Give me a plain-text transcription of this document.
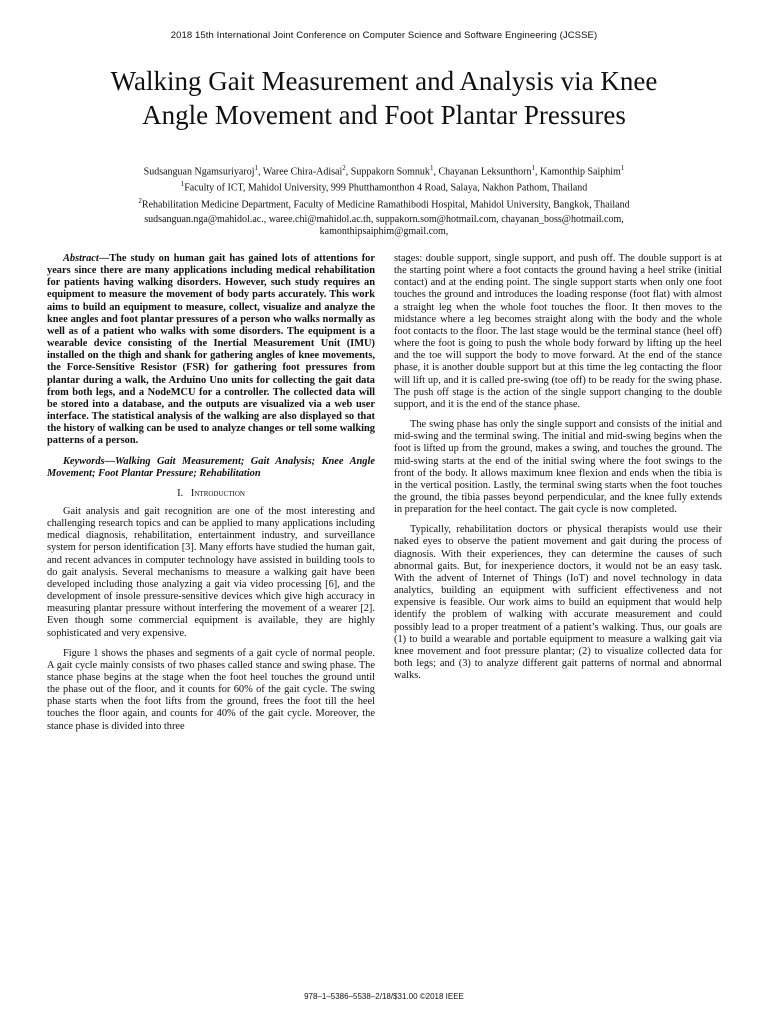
2018 15th International Joint Conference on Computer Science and Software Engineering (JCSSE)
Walking Gait Measurement and Analysis via Knee
Angle Movement and Foot Plantar Pressures
Sudsanguan Ngamsuriyaroj$^1$, Waree Chira-Adisai$^2$, Suppakorn Somnuk$^1$, Chayanan Leksunthorn$^1$, Kamonthip Saiphim$^1$
$^1$Faculty of ICT, Mahidol University, 999 Phutthamonthon 4 Road, Salaya, Nakhon Pathom, Thailand
$^2$Rehabilitation Medicine Department, Faculty of Medicine Ramathibodi Hospital, Mahidol University, Bangkok, Thailand
sudsanguan.nga@mahidol.ac., waree.chi@mahidol.ac.th, suppakorn.som@hotmail.com, chayanan_boss@hotmail.com,
kamonthipsaiphim@gmail.com,

Abstract—The study on human gait has gained lots of attentions for years since there are many applications including medical rehabilitation for patients having walking disorders. However, such study requires an equipment to measure the movement of body parts accurately. This work aims to build an equipment to measure, collect, visualize and analyze the knee angles and foot plantar pressures of a person who walks normally as well as of a patient who walks with some disorders. The equipment is a wearable device consisting of the Inertial Measurement Unit (IMU) installed on the thigh and shank for gathering angles of knee movements, the Force-Sensitive Resistor (FSR) for gathering foot pressures from plantar during a walk, the Arduino Uno units for collecting the gait data from both legs, and a NodeMCU for a controller. The collected data will be stored into a database, and the outputs are visualized via a web user interface. The statistical analysis of the walking are also displayed so that the history of walking can be used to analyze changes or tell some walking patterns of a person.

Keywords—Walking Gait Measurement; Gait Analysis; Knee Angle Movement; Foot Plantar Pressure; Rehabilitation

I. Introduction

Gait analysis and gait recognition are one of the most interesting and challenging research topics and can be applied to many applications including medical diagnosis, rehabilitation, entertainment industry, and surveillance system for person identification [3]. Many efforts have studied the human gait, and recent advances in computer technology have assisted in building tools to do gait analysis. Several mechanisms to measure a walking gait have been developed including those analyzing a gait via video processing [6], and the development of insole pressure-sensitive devices which give high accuracy in measuring plantar pressure without interfering the movement of a wearer [2]. Even though some commercial equipment is available, they are highly sophisticated and very expensive.

Figure 1 shows the phases and segments of a gait cycle of normal people. A gait cycle mainly consists of two phases called stance and swing phase. The stance phase begins at the stage when the foot heel touches the ground until the phase out of the floor, and it counts for 60% of the gait cycle. The swing phase starts when the foot lifts from the ground, frees the foot till the heel touches the floor again, and counts for 40% of the gait cycle. Moreover, the stance phase is divided into three

stages: double support, single support, and push off. The double support is at the starting point where a foot contacts the ground having a heel strike (initial contact) and at the ending point. The single support starts when only one foot touches the ground and introduces the loading response (foot flat) with almost a straight leg when the whole foot touches the floor. It then moves to the midstance where a leg becomes straight along with the body and the whole foot contacts to the floor. The last stage would be the terminal stance (heel off) where the foot is going to push the whole body forward by lifting up the heel and the toe will support the body to move forward. At the end of the stance phase, it is another double support but at this time the leg contacting the floor will lift up, and it is called pre-swing (toe off) to be ready for the swing phase. The push off stage is the action of the single support changing to the double support, and it is the end of the stance phase.

The swing phase has only the single support and consists of the initial and mid-swing and the terminal swing. The initial and mid-swing begins when the foot is lifted up from the ground, makes a swing, and touches the ground. The mid-swing starts at the end of the initial swing where the foot swings to the front of the body. It allows maximum knee flexion and ends when the tibia is in the vertical position. Lastly, the terminal swing starts when the foot touches the ground, the tibia passes beyond perpendicular, and the knee fully extends in preparation for the heel contact. The gait cycle is now completed.

Typically, rehabilitation doctors or physical therapists would use their naked eyes to observe the patient movement and gait during the process of diagnosis. With their experiences, they can determine the causes of such abnormal gaits. But, for inexperience doctors, it would not be an easy task. With the advent of Internet of Things (IoT) and novel technology in data analytics, building an equipment with sufficient effectiveness and not expensive is feasible. Our work aims to build an equipment that would help identify the problem of walking with accurate measurement and could possibly lead to a proper treatment of a patient’s walking. Thus, our goals are (1) to build a wearable and portable equipment to measure a walking gait via knee movement and foot pressure plantar; (2) to visualize collected data for both legs; and (3) to analyze different gait patterns of normal and abnormal walks.

978–1–5386–5538–2/18/$31.00 ©2018 IEEE
